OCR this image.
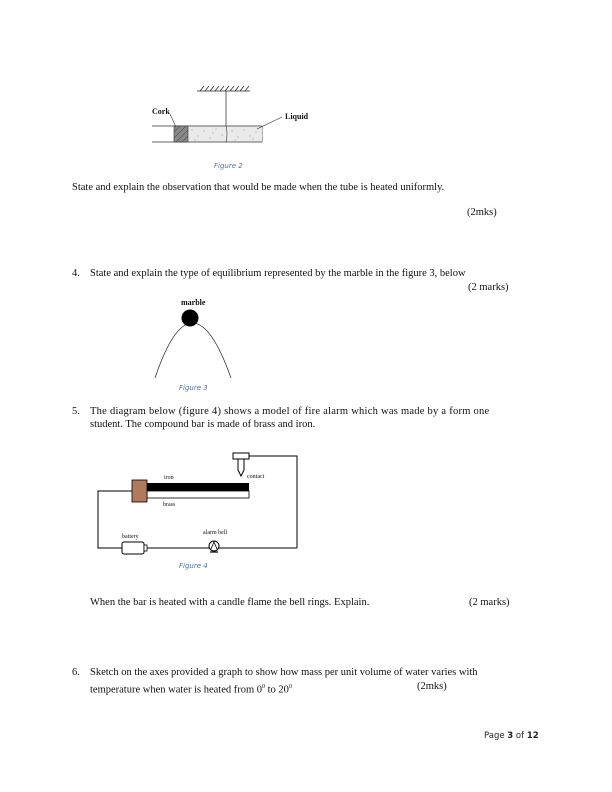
Cork
Liquid
Figure 2
State and explain the observation that would be made when the tube is heated uniformly.
(2mks)
4. State and explain the type of equilibrium represented by the marble in the figure 3, below
(2 marks)
marble
Figure 3
5. The diagram below (figure 4) shows a model of fire alarm which was made by a form one
student. The compound bar is made of brass and iron.
iron
brass
contact
battery
alarm bell
Figure 4
When the bar is heated with a candle flame the bell rings. Explain.	(2 marks)
6. Sketch on the axes provided a graph to show how mass per unit volume of water varies with
temperature when water is heated from $0^0$ to $20^0$	(2mks)
Page 3 of 12
